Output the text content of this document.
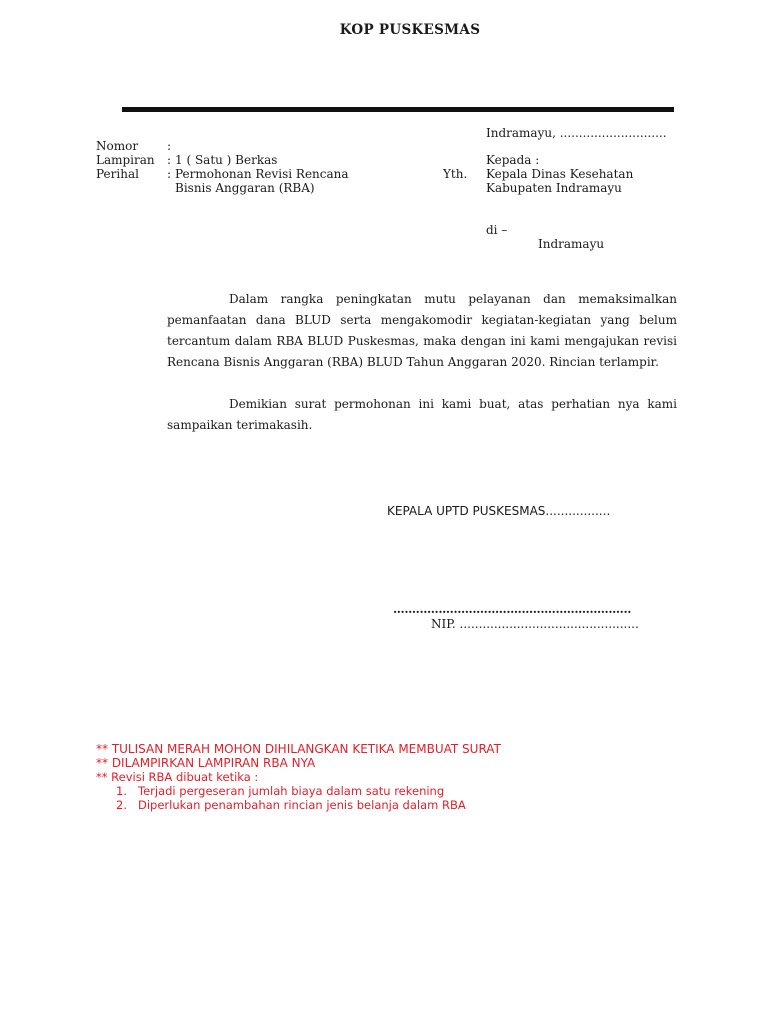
KOP PUSKESMAS
Indramayu, ............................
Nomor :
Lampiran : 1 ( Satu ) Berkas
Perihal : Permohonan Revisi Rencana
Bisnis Anggaran (RBA)
Kepada :
Yth. Kepala Dinas Kesehatan
Kabupaten Indramayu
di –
Indramayu

Dalam rangka peningkatan mutu pelayanan dan memaksimalkan pemanfaatan dana BLUD serta mengakomodir kegiatan-kegiatan yang belum tercantum dalam RBA BLUD Puskesmas, maka dengan ini kami mengajukan revisi Rencana Bisnis Anggaran (RBA) BLUD Tahun Anggaran 2020. Rincian terlampir.

Demikian surat permohonan ini kami buat, atas perhatian nya kami sampaikan terimakasih.

KEPALA UPTD PUSKESMAS.................
...............................................................
NIP. ...............................................
** TULISAN MERAH MOHON DIHILANGKAN KETIKA MEMBUAT SURAT
** DILAMPIRKAN LAMPIRAN RBA NYA
** Revisi RBA dibuat ketika :
1. Terjadi pergeseran jumlah biaya dalam satu rekening
2. Diperlukan penambahan rincian jenis belanja dalam RBA
